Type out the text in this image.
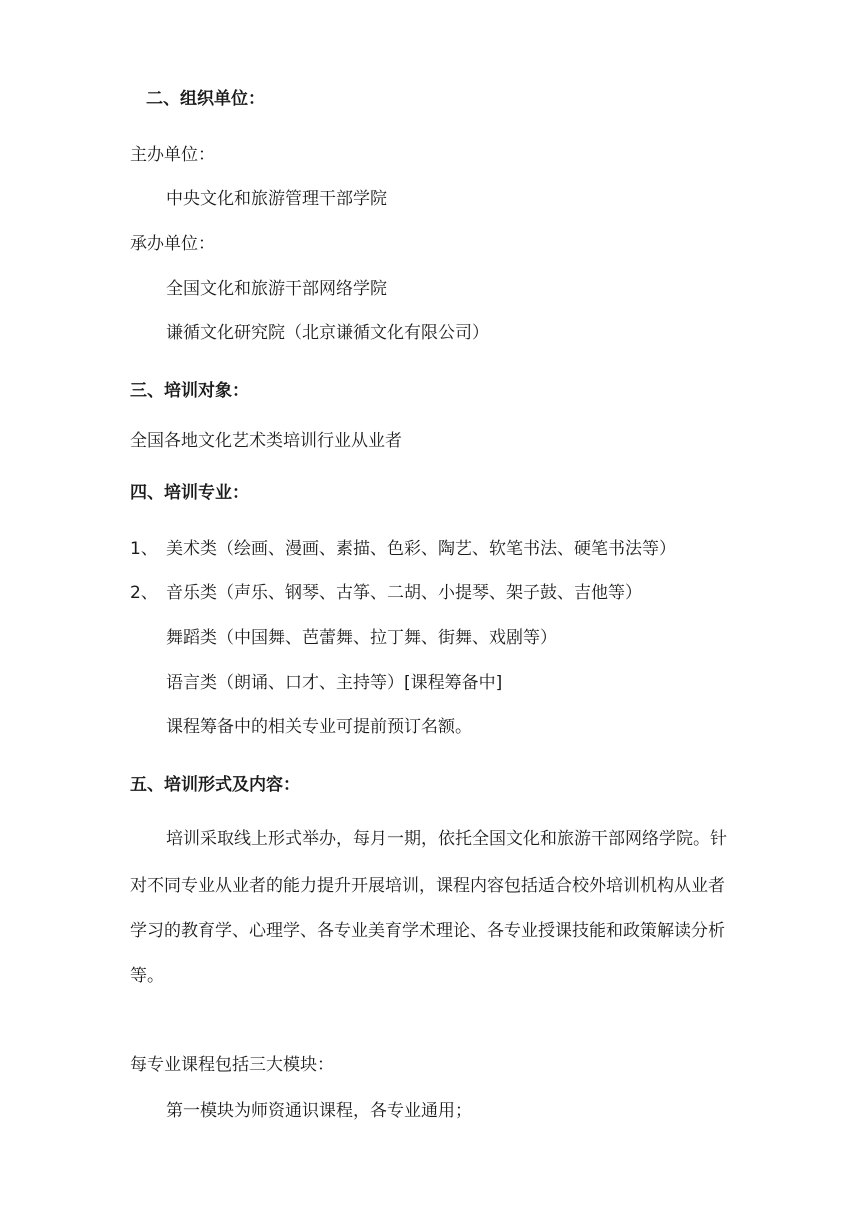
二、组织单位：
主办单位：
中央文化和旅游管理干部学院
承办单位：
全国文化和旅游干部网络学院
谦循文化研究院（北京谦循文化有限公司）
三、培训对象：
全国各地文化艺术类培训行业从业者
四、培训专业：
1、 美术类（绘画、漫画、素描、色彩、陶艺、软笔书法、硬笔书法等）
2、 音乐类（声乐、钢琴、古筝、二胡、小提琴、架子鼓、吉他等）
舞蹈类（中国舞、芭蕾舞、拉丁舞、街舞、戏剧等）
语言类（朗诵、口才、主持等）[课程筹备中]
课程筹备中的相关专业可提前预订名额。
五、培训形式及内容：
培训采取线上形式举办，每月一期，依托全国文化和旅游干部网络学院。针
对不同专业从业者的能力提升开展培训，课程内容包括适合校外培训机构从业者
学习的教育学、心理学、各专业美育学术理论、各专业授课技能和政策解读分析
等。
每专业课程包括三大模块：
第一模块为师资通识课程，各专业通用；
